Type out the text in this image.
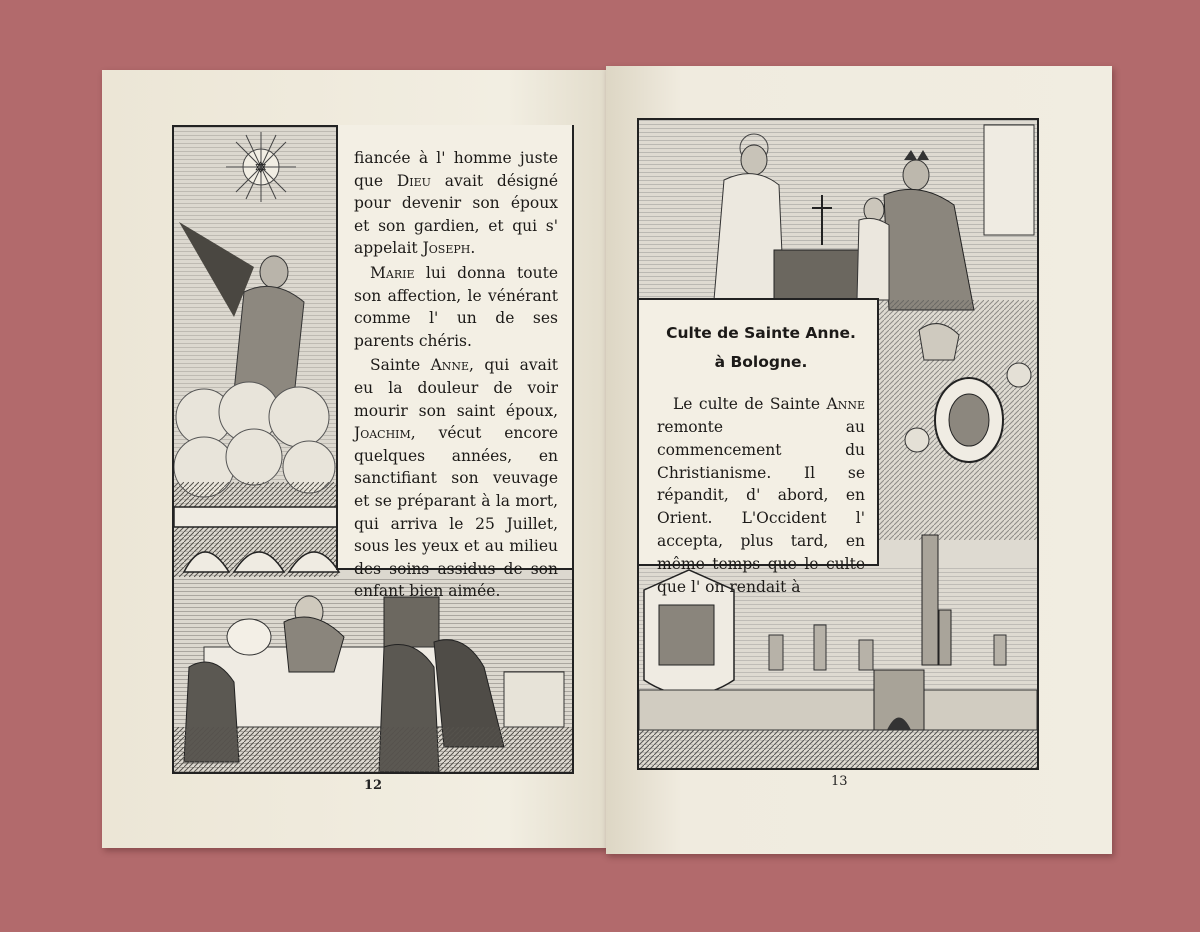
✡	fiancée à l' homme juste que Dieu avait désigné pour devenir son époux et son gardien, et qui s' appelait Joseph.

Marie lui donna toute son affection, le vénérant comme l' un de ses parents chéris.

Sainte Anne, qui avait eu la douleur de voir mourir son saint époux, Joachim, vécut encore quelques années, en sanctifiant son veuvage et se préparant à la mort, qui arriva le 25 Juillet, sous les yeux et au milieu des soins assidus de son enfant bien aimée.

12

Culte de Sainte Anne.

à Bologne.

Le culte de Sainte Anne remonte au commencement du Christianisme. Il se répandit, d' abord, en Orient. L'Occident l' accepta, plus tard, en même temps que le culte que l' on rendait à

13
